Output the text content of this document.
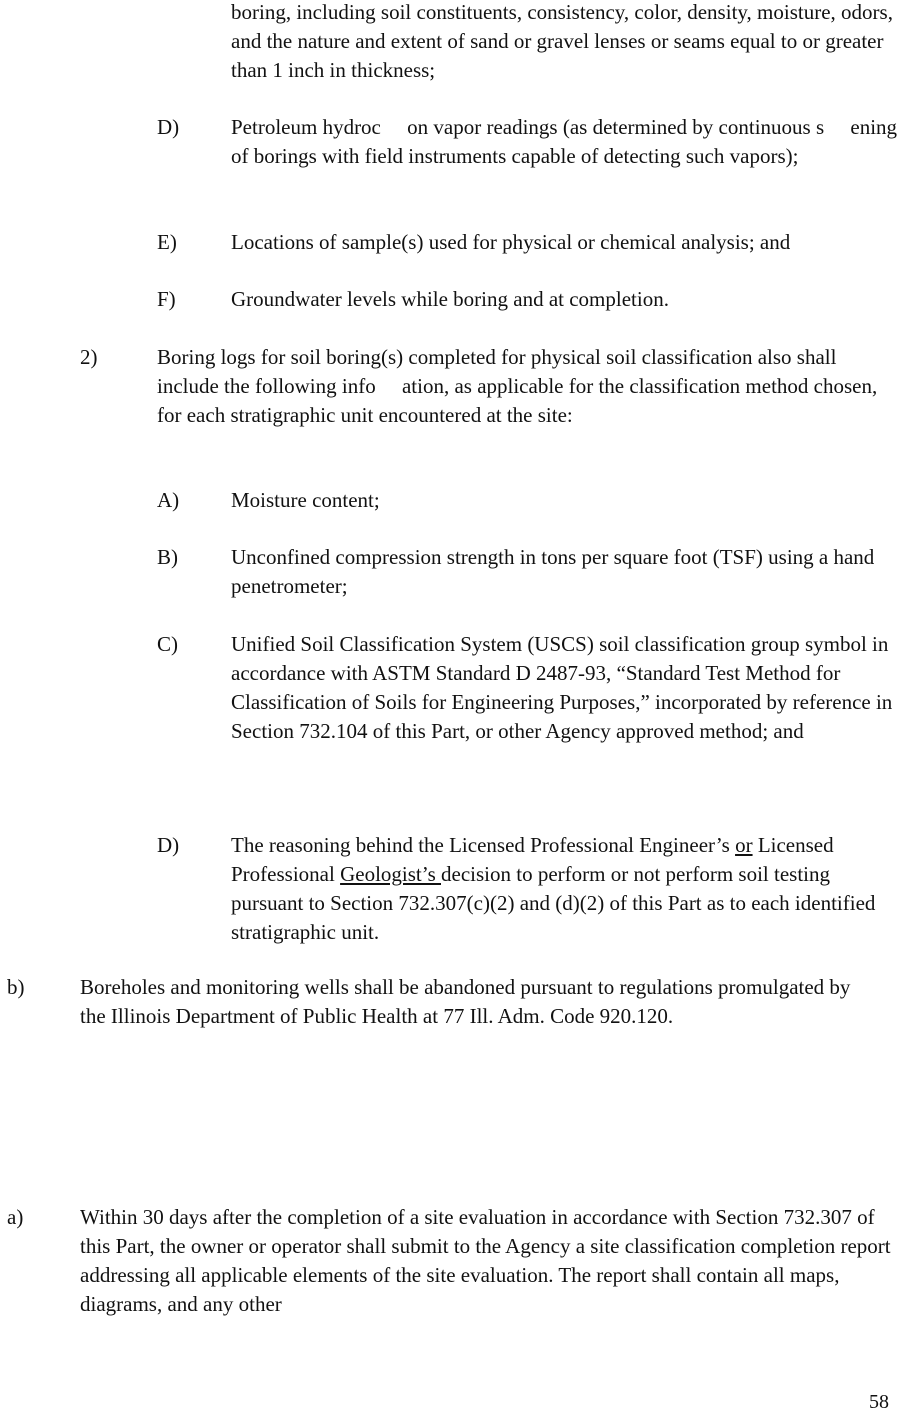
boring, including soil constituents, consistency, color, density, moisture, odors, and the nature and extent of sand or gravel lenses or seams equal to or greater than 1 inch in thickness;

D) Petroleum hydroc     on vapor readings (as determined by continuous s     ening of borings with field instruments capable of detecting such vapors);

E)	Locations of sample(s) used for physical or chemical analysis; and

F)	Groundwater levels while boring and at completion.

2)	Boring logs for soil boring(s) completed for physical soil classification also shall include the following info     ation, as applicable for the classification method chosen, for each stratigraphic unit encountered at the site:

A) Moisture content;

B)	Unconfined compression strength in tons per square foot (TSF) using a hand penetrometer;

C)	Unified Soil Classification System (USCS) soil classification group symbol in accordance with ASTM Standard D 2487-93, “Standard Test Method for Classification of Soils for Engineering Purposes,” incorporated by reference in Section 732.104 of this Part, or other Agency approved method; and

D) The reasoning behind the Licensed Professional Engineer’s or Licensed Professional Geologist’s decision to perform or not perform soil testing pursuant to Section 732.307(c)(2) and (d)(2) of this Part as to each identified stratigraphic unit.

b)	Boreholes and monitoring wells shall be abandoned pursuant to regulations promulgated by the Illinois Department of Public Health at 77 Ill. Adm. Code 920.120.

a)	Within 30 days after the completion of a site evaluation in accordance with Section 732.307 of this Part, the owner or operator shall submit to the Agency a site classification completion report addressing all applicable elements of the site evaluation. The report shall contain all maps, diagrams, and any other

58
